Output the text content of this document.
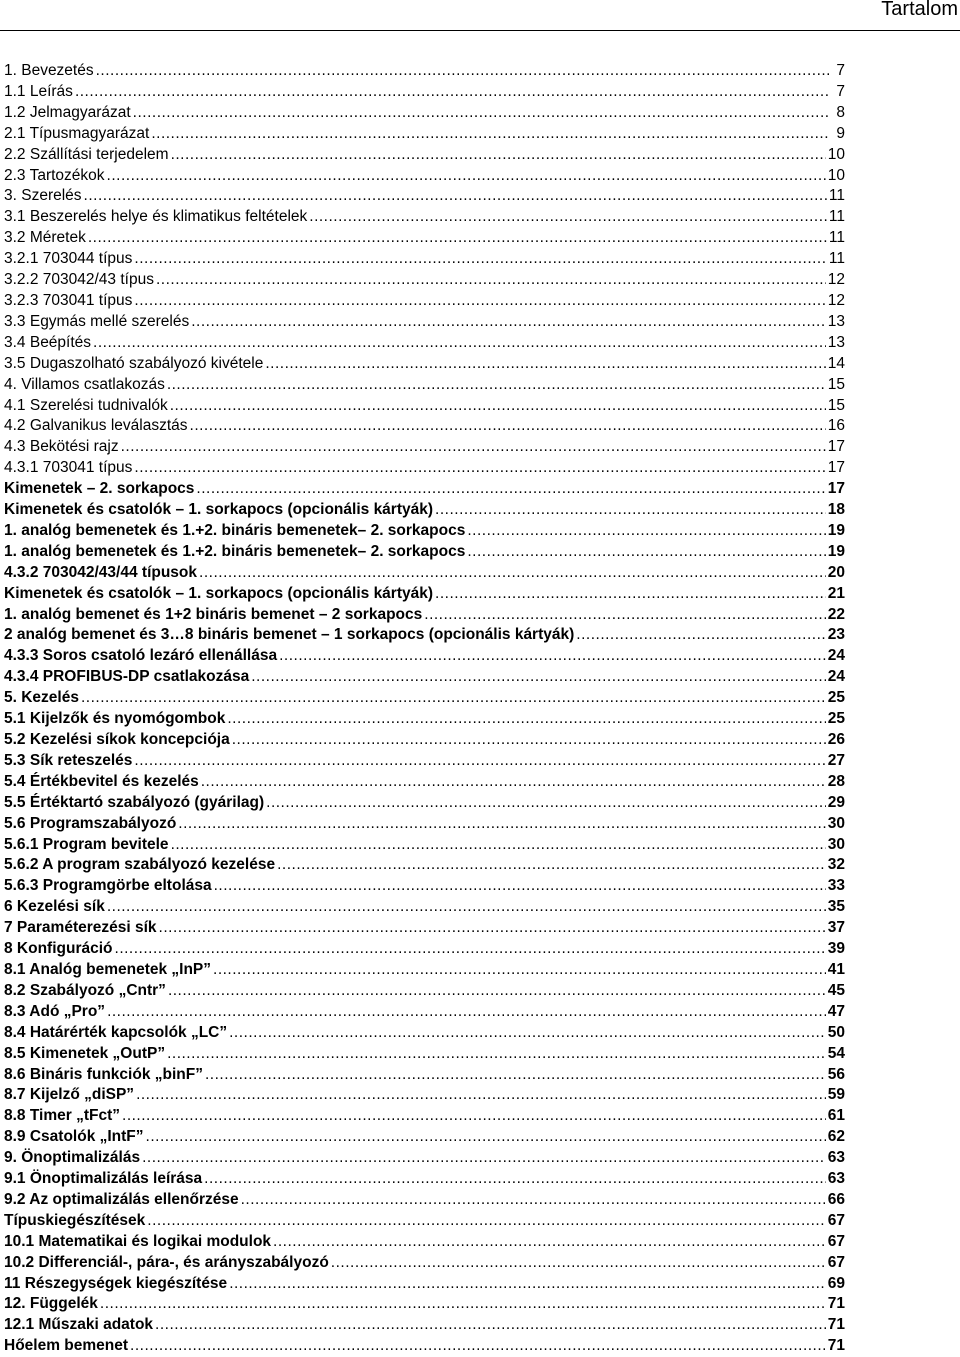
Tartalom
1. Bevezetés .....	7
1.1 Leírás .....	7
1.2 Jelmagyarázat .....	8
2.1 Típusmagyarázat .....	9
2.2 Szállítási terjedelem .....	10
2.3 Tartozékok .....	10
3. Szerelés .....	11
3.1 Beszerelés helye és klimatikus feltételek .....	11
3.2 Méretek .....	11
3.2.1 703044 típus .....	11
3.2.2 703042/43 típus .....	12
3.2.3 703041 típus .....	12
3.3 Egymás mellé szerelés .....	13
3.4 Beépítés .....	13
3.5 Dugaszolható szabályozó kivétele .....	14
4. Villamos csatlakozás .....	15
4.1 Szerelési tudnivalók .....	15
4.2 Galvanikus leválasztás .....	16
4.3 Bekötési rajz .....	17
4.3.1 703041 típus .....	17
Kimenetek – 2. sorkapocs .....	17
Kimenetek és csatolók – 1. sorkapocs (opcionális kártyák) .....	18
1. analóg bemenetek és 1.+2. bináris bemenetek– 2. sorkapocs .....	19
1. analóg bemenetek és 1.+2. bináris bemenetek– 2. sorkapocs .....	19
4.3.2 703042/43/44 típusok .....	20
Kimenetek és csatolók – 1. sorkapocs (opcionális kártyák) .....	21
1. analóg bemenet és 1+2 bináris bemenet – 2 sorkapocs .....	22
2 analóg bemenet és 3…8 bináris bemenet – 1 sorkapocs (opcionális kártyák) .....	23
4.3.3 Soros csatoló lezáró ellenállása .....	24
4.3.4 PROFIBUS-DP csatlakozása .....	24
5. Kezelés .....	25
5.1 Kijelzők és nyomógombok .....	25
5.2 Kezelési síkok koncepciója .....	26
5.3 Sík reteszelés .....	27
5.4 Értékbevitel és kezelés .....	28
5.5 Értéktartó szabályozó (gyárilag) .....	29
5.6 Programszabályozó .....	30
5.6.1 Program bevitele .....	30
5.6.2 A program szabályozó kezelése .....	32
5.6.3 Programgörbe eltolása .....	33
6 Kezelési sík .....	35
7 Paraméterezési sík .....	37
8 Konfiguráció .....	39
8.1 Analóg bemenetek „InP” .....	41
8.2 Szabályozó „Cntr” .....	45
8.3 Adó „Pro” .....	47
8.4 Határérték kapcsolók „LC” .....	50
8.5 Kimenetek „OutP” .....	54
8.6 Bináris funkciók „binF” .....	56
8.7 Kijelző „diSP” .....	59
8.8 Timer „tFct” .....	61
8.9 Csatolók „IntF” .....	62
9. Önoptimalizálás .....	63
9.1 Önoptimalizálás leírása .....	63
9.2 Az optimalizálás ellenőrzése .....	66
Típuskiegészítések .....	67
10.1 Matematikai és logikai modulok .....	67
10.2 Differenciál-, pára-, és arányszabályozó .....	67
11 Részegységek kiegészítése .....	69
12. Függelék .....	71
12.1 Műszaki adatok .....	71
Hőelem bemenet .....	71
